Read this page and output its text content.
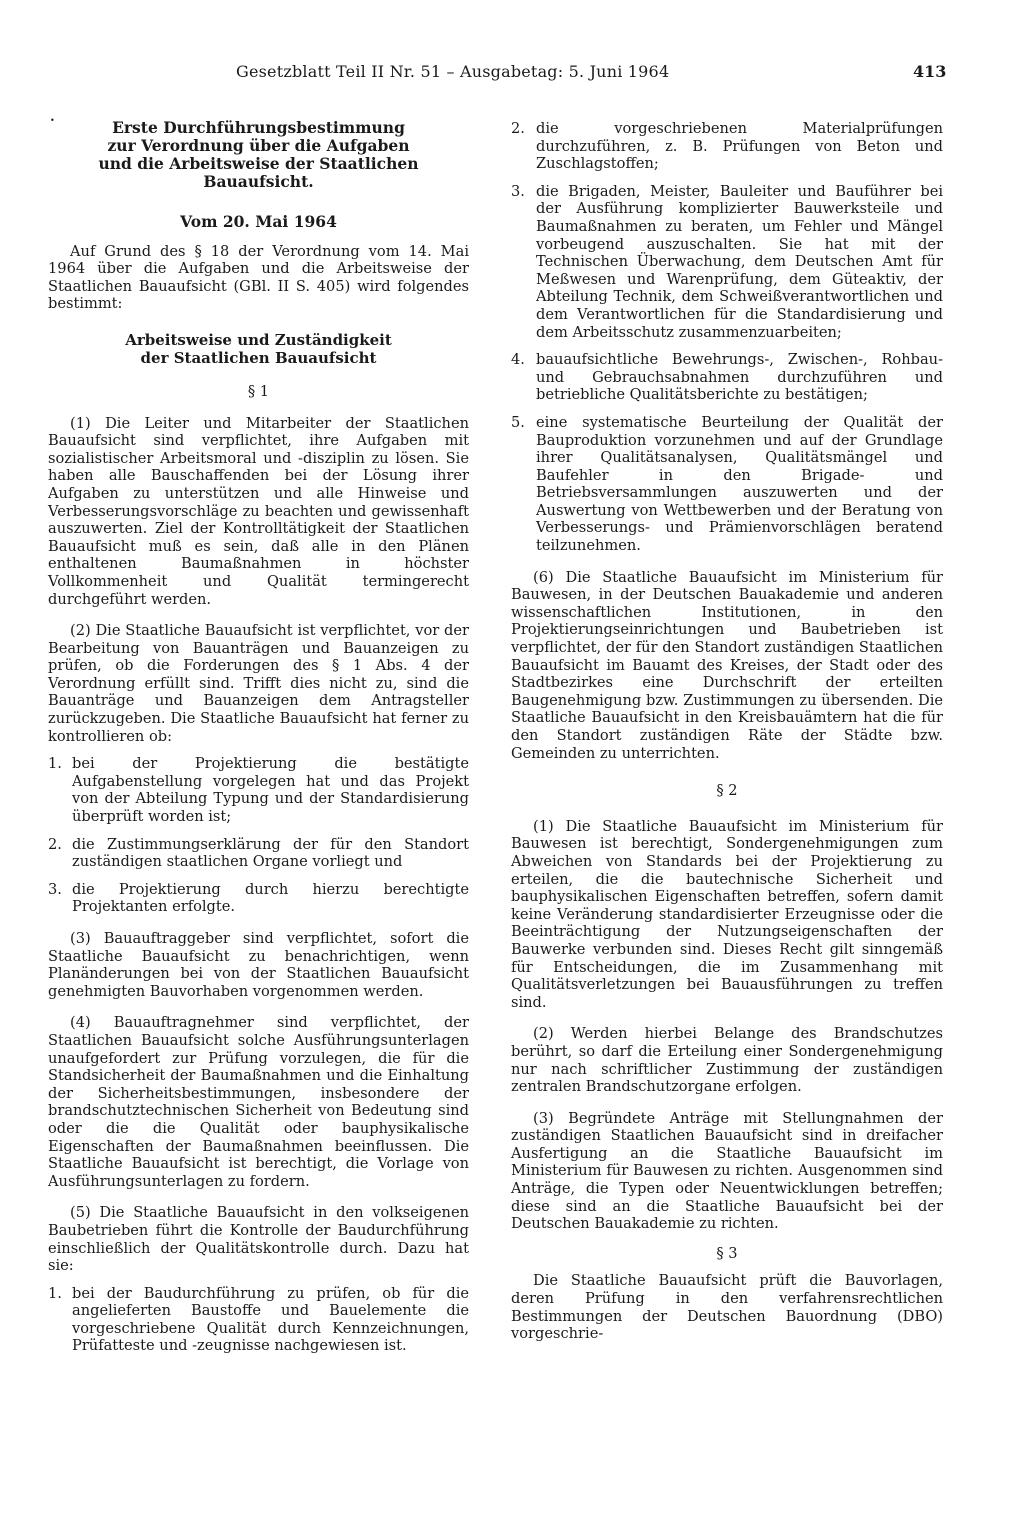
Gesetzblatt Teil II Nr. 51 – Ausgabetag: 5. Juni 1964	413
•	Erste Durchführungsbestimmung

zur Verordnung über die Aufgaben

und die Arbeitsweise der Staatlichen Bauaufsicht.

Vom 20. Mai 1964

Auf Grund des § 18 der Verordnung vom 14. Mai 1964 über die Aufgaben und die Arbeitsweise der Staatlichen Bauaufsicht (GBl. II S. 405) wird folgendes bestimmt:

Arbeitsweise und Zuständigkeit

der Staatlichen Bauaufsicht

§ 1

(1) Die Leiter und Mitarbeiter der Staatlichen Bauaufsicht sind verpflichtet, ihre Aufgaben mit sozialistischer Arbeitsmoral und -disziplin zu lösen. Sie haben alle Bauschaffenden bei der Lösung ihrer Aufgaben zu unterstützen und alle Hinweise und Verbesserungsvorschläge zu beachten und gewissenhaft auszuwerten. Ziel der Kontrolltätigkeit der Staatlichen Bauaufsicht muß es sein, daß alle in den Plänen enthaltenen Baumaßnahmen in höchster Vollkommenheit und Qualität termingerecht durchgeführt werden.

(2) Die Staatliche Bauaufsicht ist verpflichtet, vor der Bearbeitung von Bauanträgen und Bauanzeigen zu prüfen, ob die Forderungen des § 1 Abs. 4 der Verordnung erfüllt sind. Trifft dies nicht zu, sind die Bauanträge und Bauanzeigen dem Antragsteller zurückzugeben. Die Staatliche Bauaufsicht hat ferner zu kontrollieren ob:

1. bei der Projektierung die bestätigte Aufgabenstellung vorgelegen hat und das Projekt von der Abteilung Typung und der Standardisierung überprüft worden ist;
2. die Zustimmungserklärung der für den Standort zuständigen staatlichen Organe vorliegt und
3. die Projektierung durch hierzu berechtigte Projektanten erfolgte.

(3) Bauauftraggeber sind verpflichtet, sofort die Staatliche Bauaufsicht zu benachrichtigen, wenn Planänderungen bei von der Staatlichen Bauaufsicht genehmigten Bauvorhaben vorgenommen werden.

(4) Bauauftragnehmer sind verpflichtet, der Staatlichen Bauaufsicht solche Ausführungsunterlagen unaufgefordert zur Prüfung vorzulegen, die für die Standsicherheit der Baumaßnahmen und die Einhaltung der Sicherheitsbestimmungen, insbesondere der brandschutztechnischen Sicherheit von Bedeutung sind oder die die Qualität oder bauphysikalische Eigenschaften der Baumaßnahmen beeinflussen. Die Staatliche Bauaufsicht ist berechtigt, die Vorlage von Ausführungsunterlagen zu fordern.

(5) Die Staatliche Bauaufsicht in den volkseigenen Baubetrieben führt die Kontrolle der Baudurchführung einschließlich der Qualitätskontrolle durch. Dazu hat sie:

1. bei der Baudurchführung zu prüfen, ob für die angelieferten Baustoffe und Bauelemente die vorgeschriebene Qualität durch Kennzeichnungen, Prüfatteste und -zeugnisse nachgewiesen ist.
2. die vorgeschriebenen Materialprüfungen durchzuführen, z. B. Prüfungen von Beton und Zuschlagstoffen;
3. die Brigaden, Meister, Bauleiter und Bauführer bei der Ausführung komplizierter Bauwerksteile und Baumaßnahmen zu beraten, um Fehler und Mängel vorbeugend auszuschalten. Sie hat mit der Technischen Überwachung, dem Deutschen Amt für Meßwesen und Warenprüfung, dem Güteaktiv, der Abteilung Technik, dem Schweißverantwortlichen und dem Verantwortlichen für die Standardisierung und dem Arbeitsschutz zusammenzuarbeiten;
4. bauaufsichtliche Bewehrungs-, Zwischen-, Rohbau- und Gebrauchsabnahmen durchzuführen und betriebliche Qualitätsberichte zu bestätigen;
5. eine systematische Beurteilung der Qualität der Bauproduktion vorzunehmen und auf der Grundlage ihrer Qualitätsanalysen, Qualitätsmängel und Baufehler in den Brigade- und Betriebsversammlungen auszuwerten und der Auswertung von Wettbewerben und der Beratung von Verbesserungs- und Prämienvorschlägen beratend teilzunehmen.

(6) Die Staatliche Bauaufsicht im Ministerium für Bauwesen, in der Deutschen Bauakademie und anderen wissenschaftlichen Institutionen, in den Projektierungseinrichtungen und Baubetrieben ist verpflichtet, der für den Standort zuständigen Staatlichen Bauaufsicht im Bauamt des Kreises, der Stadt oder des Stadtbezirkes eine Durchschrift der erteilten Baugenehmigung bzw. Zustimmungen zu übersenden. Die Staatliche Bauaufsicht in den Kreisbauämtern hat die für den Standort zuständigen Räte der Städte bzw. Gemeinden zu unterrichten.

§ 2

(1) Die Staatliche Bauaufsicht im Ministerium für Bauwesen ist berechtigt, Sondergenehmigungen zum Abweichen von Standards bei der Projektierung zu erteilen, die die bautechnische Sicherheit und bauphysikalischen Eigenschaften betreffen, sofern damit keine Veränderung standardisierter Erzeugnisse oder die Beeinträchtigung der Nutzungseigenschaften der Bauwerke verbunden sind. Dieses Recht gilt sinngemäß für Entscheidungen, die im Zusammenhang mit Qualitätsverletzungen bei Bauausführungen zu treffen sind.

(2) Werden hierbei Belange des Brandschutzes berührt, so darf die Erteilung einer Sondergenehmigung nur nach schriftlicher Zustimmung der zuständigen zentralen Brandschutzorgane erfolgen.

(3) Begründete Anträge mit Stellungnahmen der zuständigen Staatlichen Bauaufsicht sind in dreifacher Ausfertigung an die Staatliche Bauaufsicht im Ministerium für Bauwesen zu richten. Ausgenommen sind Anträge, die Typen oder Neuentwicklungen betreffen; diese sind an die Staatliche Bauaufsicht bei der Deutschen Bauakademie zu richten.

§ 3

Die Staatliche Bauaufsicht prüft die Bauvorlagen, deren Prüfung in den verfahrensrechtlichen Bestimmungen der Deutschen Bauordnung (DBO) vorgeschrie-
